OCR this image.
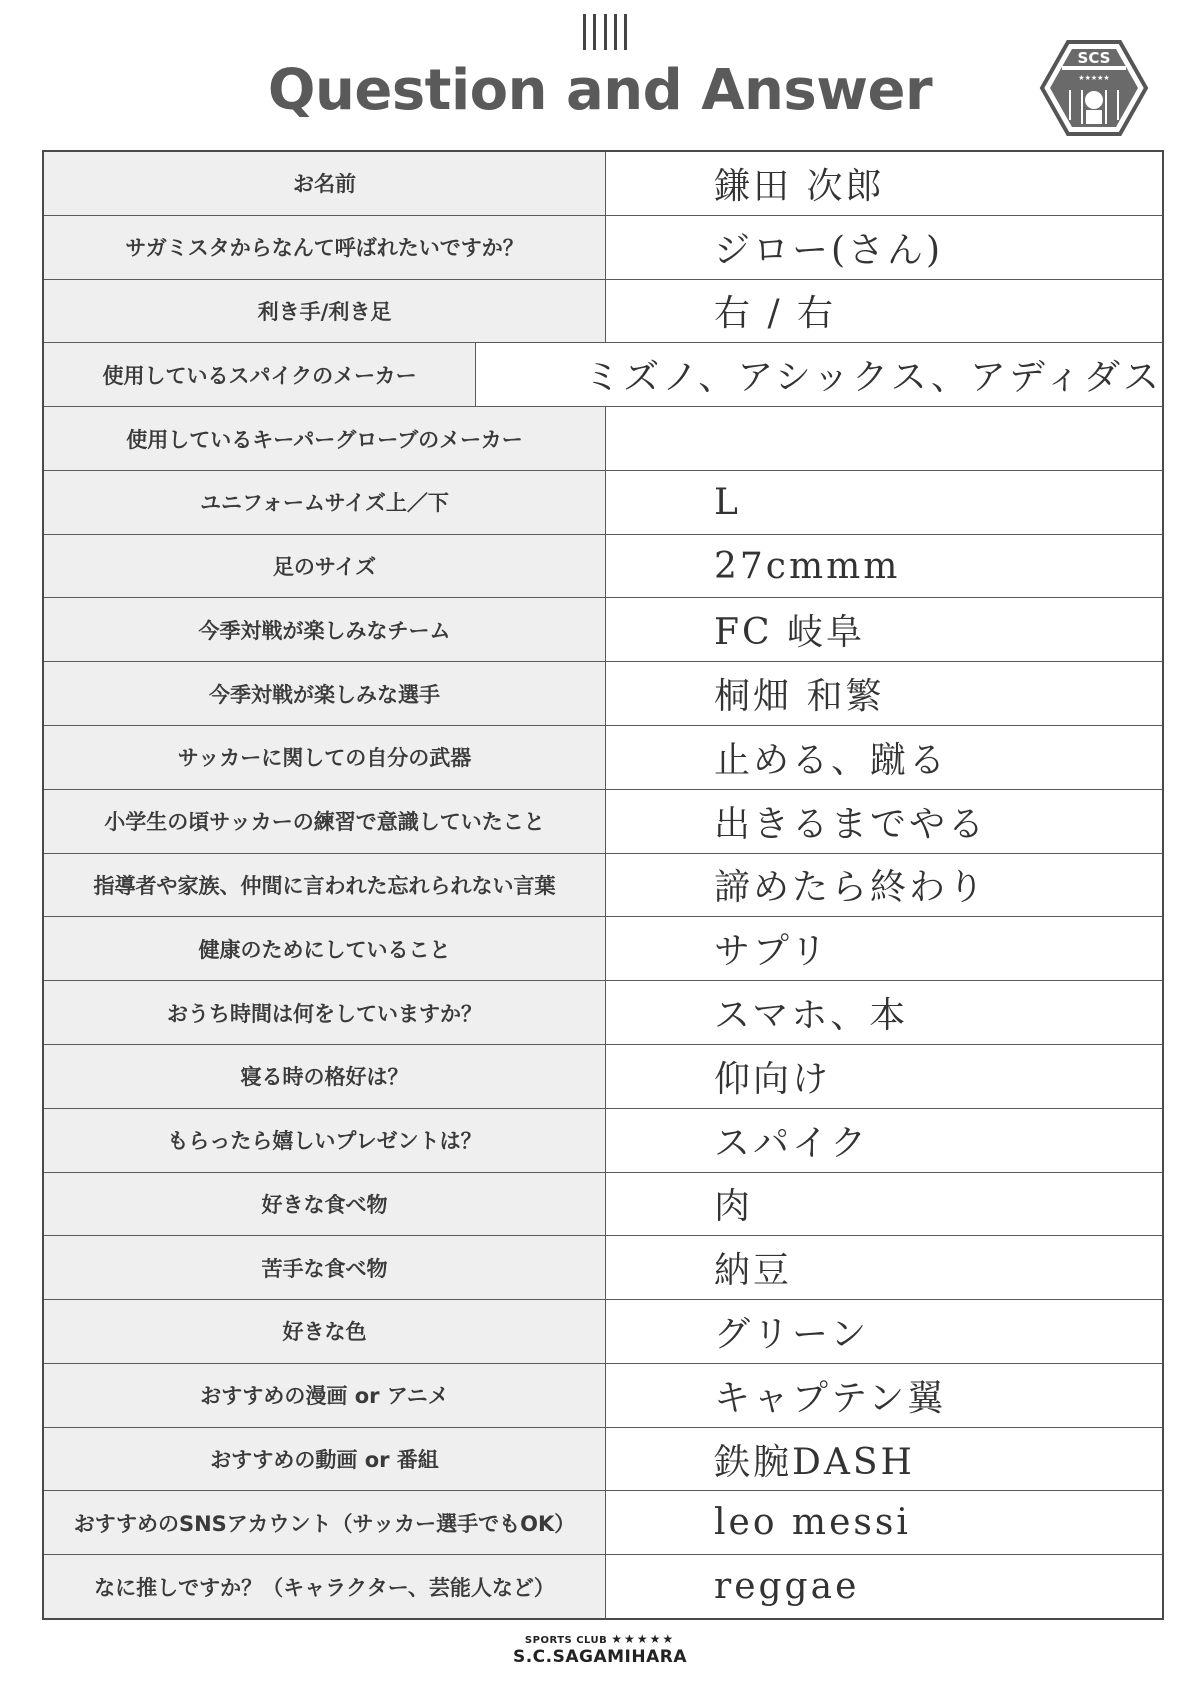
Question and Answer	SCS
★★★★★
お名前	鎌田 次郎
サガミスタからなんて呼ばれたいですか？	ジロー(さん)
利き手/利き足	右 / 右
使用しているスパイクのメーカー	ミズノ、アシックス、アディダス
使用しているキーパーグローブのメーカー
ユニフォームサイズ上／下	L
足のサイズ	27cmmm
今季対戦が楽しみなチーム	FC 岐阜
今季対戦が楽しみな選手	桐畑 和繁
サッカーに関しての自分の武器	止める、蹴る
小学生の頃サッカーの練習で意識していたこと	出きるまでやる
指導者や家族、仲間に言われた忘れられない言葉	諦めたら終わり
健康のためにしていること	サプリ
おうち時間は何をしていますか？	スマホ、本
寝る時の格好は？	仰向け
もらったら嬉しいプレゼントは？	スパイク
好きな食べ物	肉
苦手な食べ物	納豆
好きな色	グリーン
おすすめの漫画 or アニメ	キャプテン翼
おすすめの動画 or 番組	鉄腕DASH
おすすめのSNSアカウント（サッカー選手でもOK）	leo messi
なに推しですか？（キャラクター、芸能人など）	reggae
SPORTS CLUB ★★★★★
S.C.SAGAMIHARA
